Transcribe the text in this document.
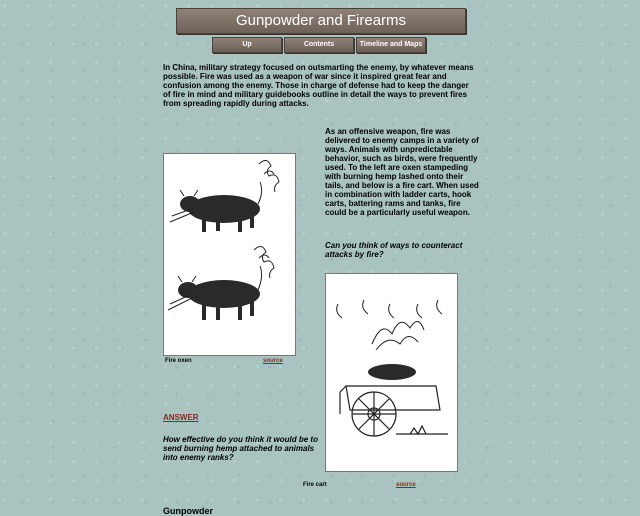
Gunpowder and Firearms
Up	Contents	Timeline and Maps
In China, military strategy focused on outsmarting the enemy, by whatever means possible. Fire was used as a weapon of war since it inspired great fear and confusion among the enemy. Those in charge of defense had to keep the danger of fire in mind and military guidebooks outline in detail the ways to prevent fires from spreading rapidly during attacks.
As an offensive weapon, fire was delivered to enemy camps in a variety of ways. Animals with unpredictable behavior, such as birds, were frequently used. To the left are oxen stampeding with burning hemp lashed onto their tails, and below is a fire cart. When used in combination with ladder carts, hook carts, battering rams and tanks, fire could be a particularly useful weapon.
Can you think of ways to counteract attacks by fire?
Fire oxen	source
Fire cart	source
ANSWER
How effective do you think it would be to send burning hemp attached to animals into enemy ranks?
Gunpowder
